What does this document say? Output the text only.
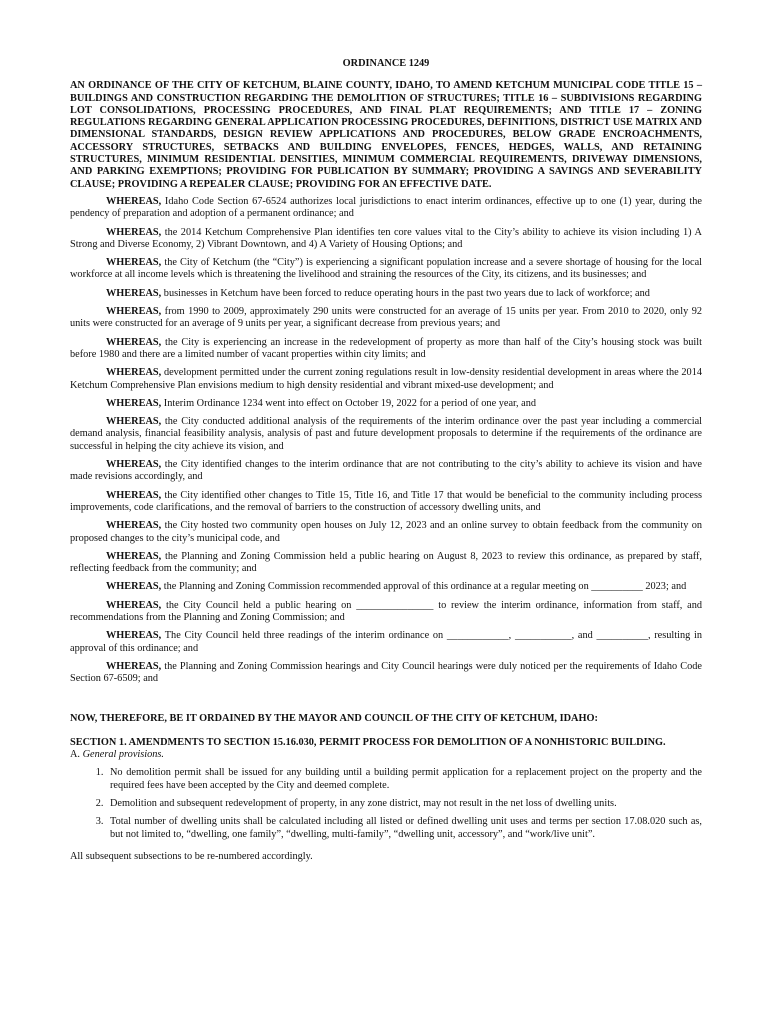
ORDINANCE 1249
AN ORDINANCE OF THE CITY OF KETCHUM, BLAINE COUNTY, IDAHO, TO AMEND KETCHUM MUNICIPAL CODE TITLE 15 – BUILDINGS AND CONSTRUCTION REGARDING THE DEMOLITION OF STRUCTURES; TITLE 16 – SUBDIVISIONS REGARDING LOT CONSOLIDATIONS, PROCESSING PROCEDURES, AND FINAL PLAT REQUIREMENTS; AND TITLE 17 – ZONING REGULATIONS REGARDING GENERAL APPLICATION PROCESSING PROCEDURES, DEFINITIONS, DISTRICT USE MATRIX AND DIMENSIONAL STANDARDS, DESIGN REVIEW APPLICATIONS AND PROCEDURES, BELOW GRADE ENCROACHMENTS, ACCESSORY STRUCTURES, SETBACKS AND BUILDING ENVELOPES, FENCES, HEDGES, WALLS, AND RETAINING STRUCTURES, MINIMUM RESIDENTIAL DENSITIES, MINIMUM COMMERCIAL REQUIREMENTS, DRIVEWAY DIMENSIONS, AND PARKING EXEMPTIONS; PROVIDING FOR PUBLICATION BY SUMMARY; PROVIDING A SAVINGS AND SEVERABILITY CLAUSE; PROVIDING A REPEALER CLAUSE; PROVIDING FOR AN EFFECTIVE DATE.
WHEREAS, Idaho Code Section 67-6524 authorizes local jurisdictions to enact interim ordinances, effective up to one (1) year, during the pendency of preparation and adoption of a permanent ordinance; and
WHEREAS, the 2014 Ketchum Comprehensive Plan identifies ten core values vital to the City’s ability to achieve its vision including 1) A Strong and Diverse Economy, 2) Vibrant Downtown, and 4) A Variety of Housing Options; and
WHEREAS, the City of Ketchum (the “City”) is experiencing a significant population increase and a severe shortage of housing for the local workforce at all income levels which is threatening the livelihood and straining the resources of the City, its citizens, and its businesses; and
WHEREAS, businesses in Ketchum have been forced to reduce operating hours in the past two years due to lack of workforce; and
WHEREAS, from 1990 to 2009, approximately 290 units were constructed for an average of 15 units per year. From 2010 to 2020, only 92 units were constructed for an average of 9 units per year, a significant decrease from previous years; and
WHEREAS, the City is experiencing an increase in the redevelopment of property as more than half of the City’s housing stock was built before 1980 and there are a limited number of vacant properties within city limits; and
WHEREAS, development permitted under the current zoning regulations result in low-density residential development in areas where the 2014 Ketchum Comprehensive Plan envisions medium to high density residential and vibrant mixed-use development; and
WHEREAS, Interim Ordinance 1234 went into effect on October 19, 2022 for a period of one year, and
WHEREAS, the City conducted additional analysis of the requirements of the interim ordinance over the past year including a commercial demand analysis, financial feasibility analysis, analysis of past and future development proposals to determine if the requirements of the ordinance are successful in helping the city achieve its vision, and
WHEREAS, the City identified changes to the interim ordinance that are not contributing to the city’s ability to achieve its vision and have made revisions accordingly, and
WHEREAS, the City identified other changes to Title 15, Title 16, and Title 17 that would be beneficial to the community including process improvements, code clarifications, and the removal of barriers to the construction of accessory dwelling units, and
WHEREAS, the City hosted two community open houses on July 12, 2023 and an online survey to obtain feedback from the community on proposed changes to the city’s municipal code, and
WHEREAS, the Planning and Zoning Commission held a public hearing on August 8, 2023 to review this ordinance, as prepared by staff, reflecting feedback from the community; and
WHEREAS, the Planning and Zoning Commission recommended approval of this ordinance at a regular meeting on __________ 2023; and
WHEREAS, the City Council held a public hearing on _______________ to review the interim ordinance, information from staff, and recommendations from the Planning and Zoning Commission; and
WHEREAS, The City Council held three readings of the interim ordinance on ____________, ___________, and __________, resulting in approval of this ordinance; and
WHEREAS, the Planning and Zoning Commission hearings and City Council hearings were duly noticed per the requirements of Idaho Code Section 67-6509; and
NOW, THEREFORE, BE IT ORDAINED BY THE MAYOR AND COUNCIL OF THE CITY OF KETCHUM, IDAHO:
SECTION 1. AMENDMENTS TO SECTION 15.16.030, PERMIT PROCESS FOR DEMOLITION OF A NONHISTORIC BUILDING.
A. General provisions.
1. No demolition permit shall be issued for any building until a building permit application for a replacement project on the property and the required fees have been accepted by the City and deemed complete.
2. Demolition and subsequent redevelopment of property, in any zone district, may not result in the net loss of dwelling units.
3. Total number of dwelling units shall be calculated including all listed or defined dwelling unit uses and terms per section 17.08.020 such as, but not limited to, “dwelling, one family”, “dwelling, multi-family”, “dwelling unit, accessory”, and “work/live unit”.
All subsequent subsections to be re-numbered accordingly.
